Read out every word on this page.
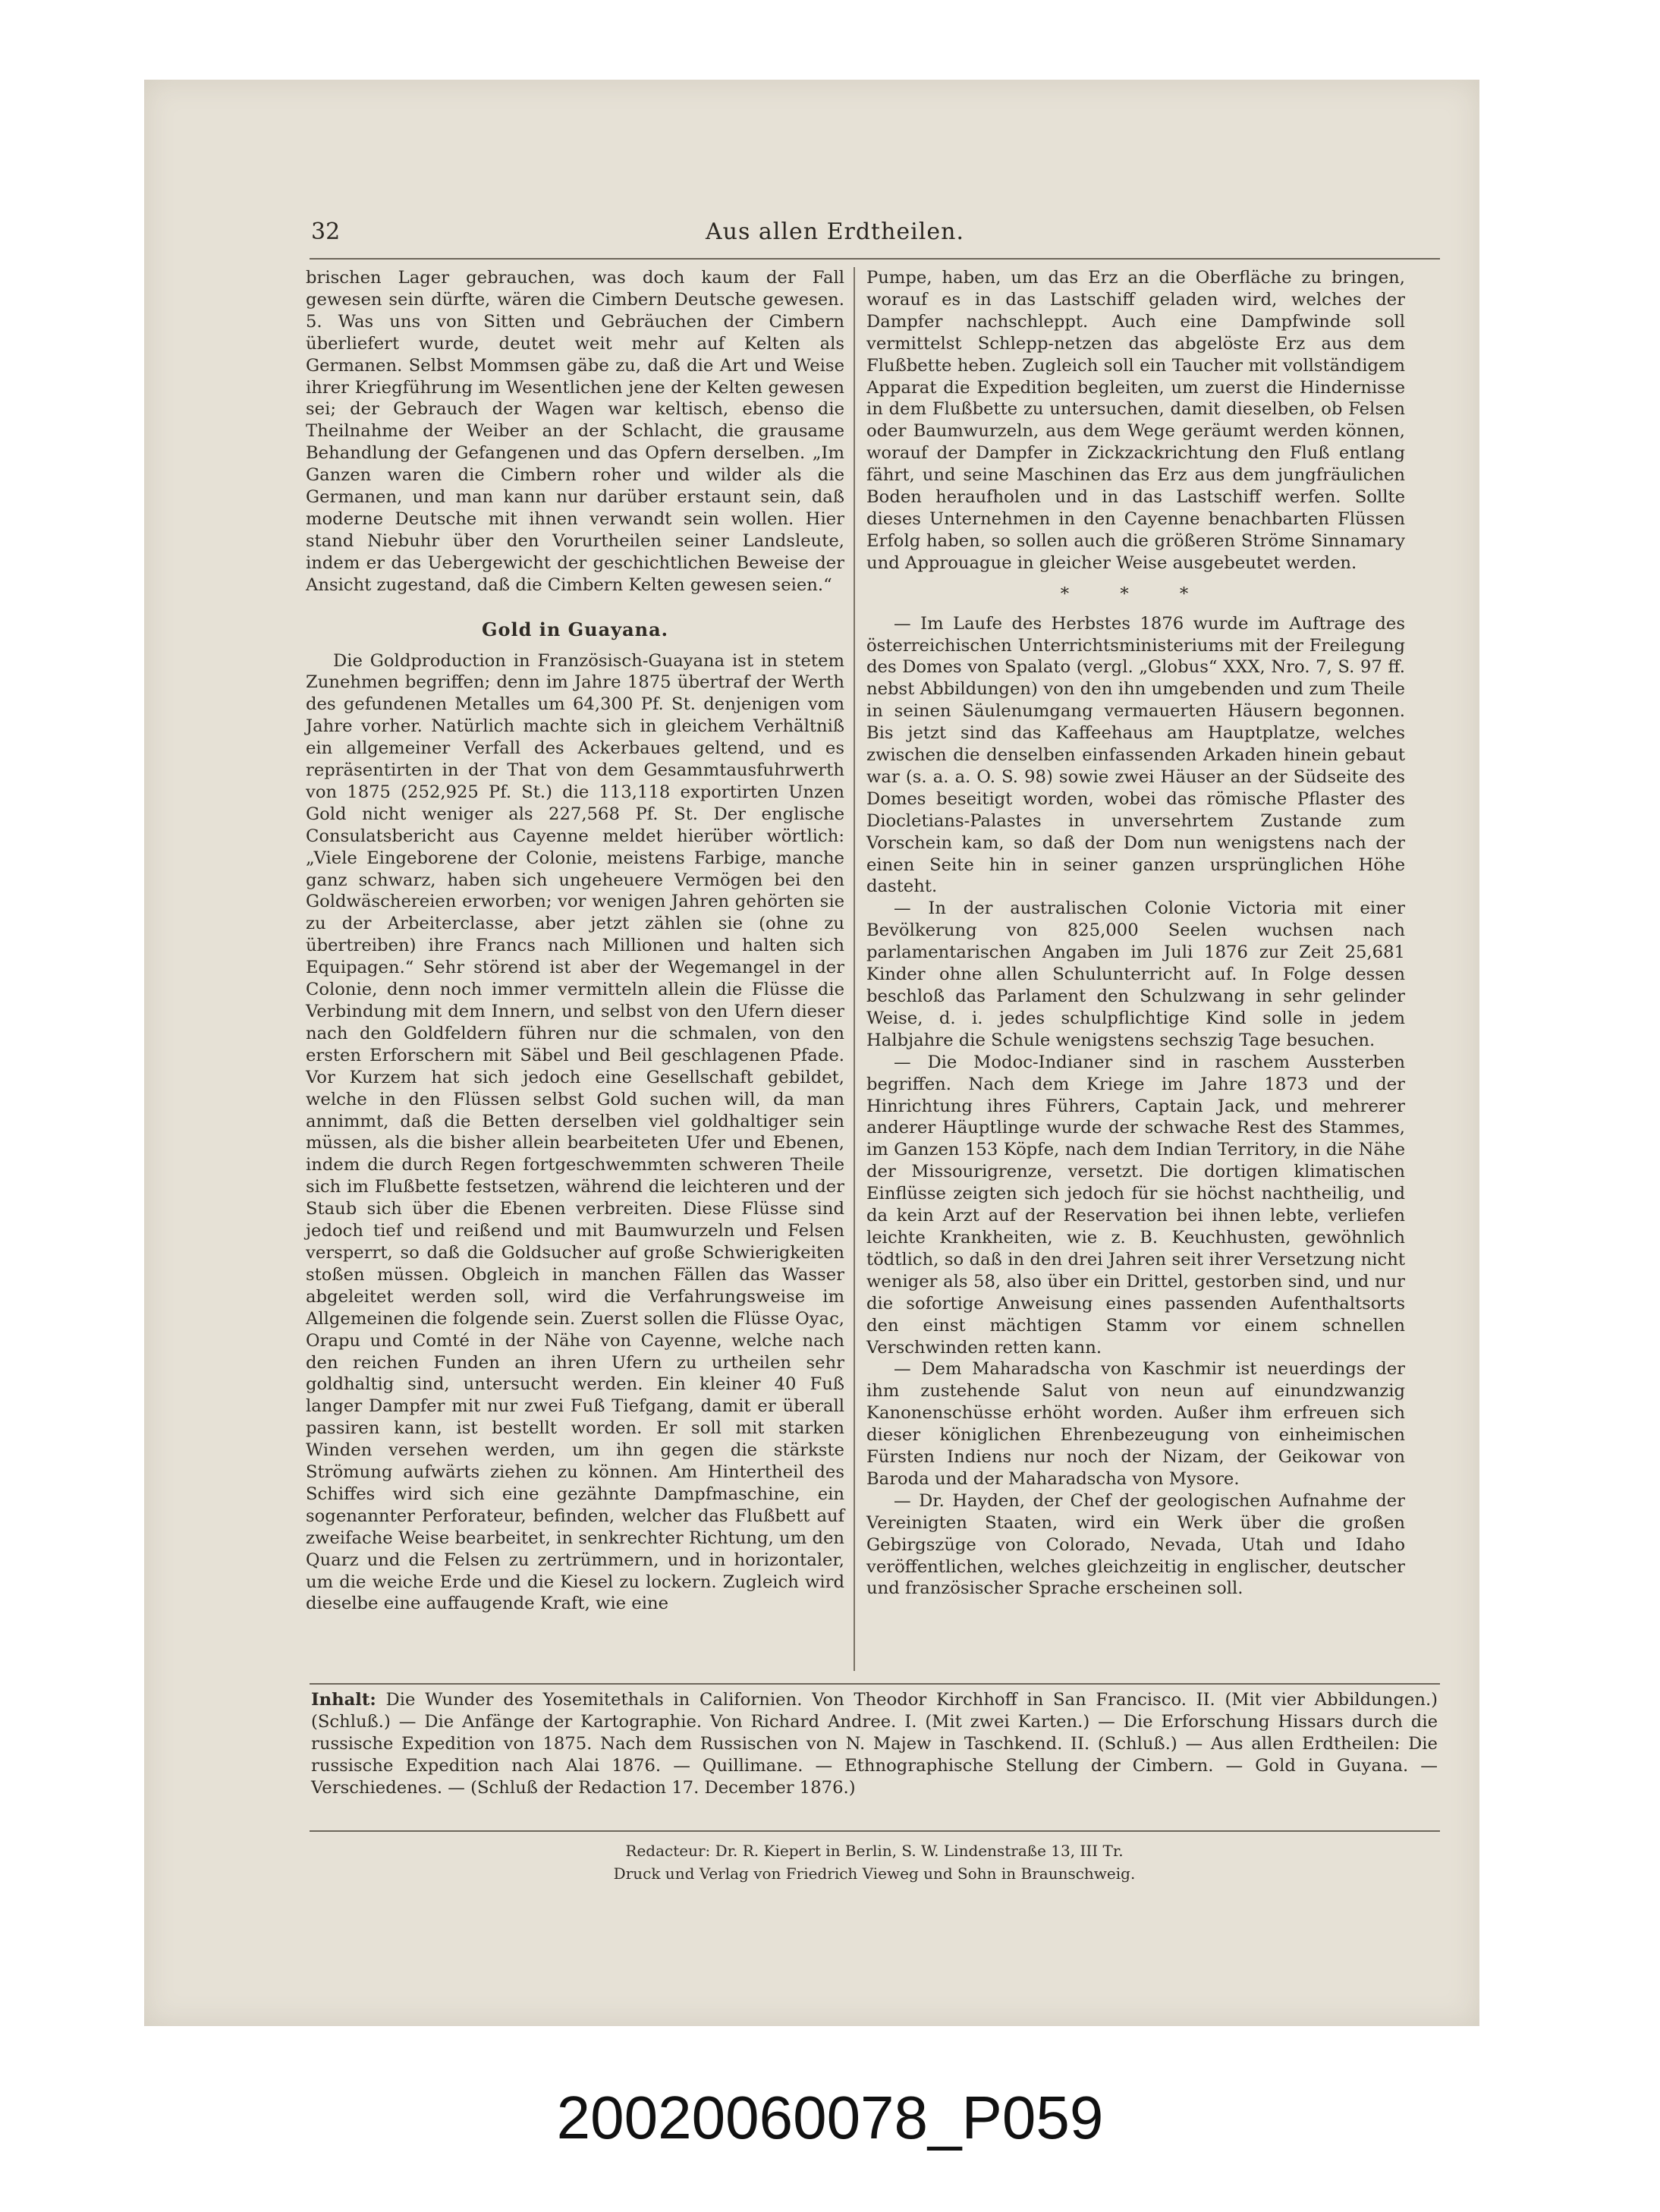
32	Aus allen Erdtheilen.

brischen Lager gebrauchen, was doch kaum der Fall gewesen sein dürfte, wären die Cimbern Deutsche gewesen. 5. Was uns von Sitten und Gebräuchen der Cimbern überliefert wurde, deutet weit mehr auf Kelten als Germanen. Selbst Mommsen gäbe zu, daß die Art und Weise ihrer Kriegführung im Wesentlichen jene der Kelten gewesen sei; der Gebrauch der Wagen war keltisch, ebenso die Theilnahme der Weiber an der Schlacht, die grausame Behandlung der Gefangenen und das Opfern derselben. „Im Ganzen waren die Cimbern roher und wilder als die Germanen, und man kann nur darüber erstaunt sein, daß moderne Deutsche mit ihnen verwandt sein wollen. Hier stand Niebuhr über den Vorurtheilen seiner Landsleute, indem er das Uebergewicht der geschichtlichen Beweise der Ansicht zugestand, daß die Cimbern Kelten gewesen seien.“

Gold in Guayana.

Die Goldproduction in Französisch-Guayana ist in stetem Zunehmen begriffen; denn im Jahre 1875 übertraf der Werth des gefundenen Metalles um 64,300 Pf. St. denjenigen vom Jahre vorher. Natürlich machte sich in gleichem Verhältniß ein allgemeiner Verfall des Ackerbaues geltend, und es repräsentirten in der That von dem Gesammtausfuhrwerth von 1875 (252,925 Pf. St.) die 113,118 exportirten Unzen Gold nicht weniger als 227,568 Pf. St. Der englische Consulatsbericht aus Cayenne meldet hierüber wörtlich: „Viele Eingeborene der Colonie, meistens Farbige, manche ganz schwarz, haben sich ungeheuere Vermögen bei den Goldwäschereien erworben; vor wenigen Jahren gehörten sie zu der Arbeiterclasse, aber jetzt zählen sie (ohne zu übertreiben) ihre Francs nach Millionen und halten sich Equipagen.“ Sehr störend ist aber der Wegemangel in der Colonie, denn noch immer vermitteln allein die Flüsse die Verbindung mit dem Innern, und selbst von den Ufern dieser nach den Goldfeldern führen nur die schmalen, von den ersten Erforschern mit Säbel und Beil geschlagenen Pfade. Vor Kurzem hat sich jedoch eine Gesellschaft gebildet, welche in den Flüssen selbst Gold suchen will, da man annimmt, daß die Betten derselben viel goldhaltiger sein müssen, als die bisher allein bearbeiteten Ufer und Ebenen, indem die durch Regen fortgeschwemmten schweren Theile sich im Flußbette festsetzen, während die leichteren und der Staub sich über die Ebenen verbreiten. Diese Flüsse sind jedoch tief und reißend und mit Baumwurzeln und Felsen versperrt, so daß die Goldsucher auf große Schwierigkeiten stoßen müssen. Obgleich in manchen Fällen das Wasser abgeleitet werden soll, wird die Verfahrungsweise im Allgemeinen die folgende sein. Zuerst sollen die Flüsse Oyac, Orapu und Comté in der Nähe von Cayenne, welche nach den reichen Funden an ihren Ufern zu urtheilen sehr goldhaltig sind, untersucht werden. Ein kleiner 40 Fuß langer Dampfer mit nur zwei Fuß Tiefgang, damit er überall passiren kann, ist bestellt worden. Er soll mit starken Winden versehen werden, um ihn gegen die stärkste Strömung aufwärts ziehen zu können. Am Hintertheil des Schiffes wird sich eine gezähnte Dampfmaschine, ein sogenannter Perforateur, befinden, welcher das Flußbett auf zweifache Weise bearbeitet, in senkrechter Richtung, um den Quarz und die Felsen zu zertrümmern, und in horizontaler, um die weiche Erde und die Kiesel zu lockern. Zugleich wird dieselbe eine auffaugende Kraft, wie eine

Pumpe, haben, um das Erz an die Oberfläche zu bringen, worauf es in das Lastschiff geladen wird, welches der Dampfer nachschleppt. Auch eine Dampfwinde soll vermittelst Schlepp-netzen das abgelöste Erz aus dem Flußbette heben. Zugleich soll ein Taucher mit vollständigem Apparat die Expedition begleiten, um zuerst die Hindernisse in dem Flußbette zu untersuchen, damit dieselben, ob Felsen oder Baumwurzeln, aus dem Wege geräumt werden können, worauf der Dampfer in Zickzackrichtung den Fluß entlang fährt, und seine Maschinen das Erz aus dem jungfräulichen Boden heraufholen und in das Lastschiff werfen. Sollte dieses Unternehmen in den Cayenne benachbarten Flüssen Erfolg haben, so sollen auch die größeren Ströme Sinnamary und Approuague in gleicher Weise ausgebeutet werden.

* * *

— Im Laufe des Herbstes 1876 wurde im Auftrage des österreichischen Unterrichtsministeriums mit der Freilegung des Domes von Spalato (vergl. „Globus“ XXX, Nro. 7, S. 97 ff. nebst Abbildungen) von den ihn umgebenden und zum Theile in seinen Säulenumgang vermauerten Häusern begonnen. Bis jetzt sind das Kaffeehaus am Hauptplatze, welches zwischen die denselben einfassenden Arkaden hinein gebaut war (s. a. a. O. S. 98) sowie zwei Häuser an der Südseite des Domes beseitigt worden, wobei das römische Pflaster des Diocletians-Palastes in unversehrtem Zustande zum Vorschein kam, so daß der Dom nun wenigstens nach der einen Seite hin in seiner ganzen ursprünglichen Höhe dasteht.

— In der australischen Colonie Victoria mit einer Bevölkerung von 825,000 Seelen wuchsen nach parlamentarischen Angaben im Juli 1876 zur Zeit 25,681 Kinder ohne allen Schulunterricht auf. In Folge dessen beschloß das Parlament den Schulzwang in sehr gelinder Weise, d. i. jedes schulpflichtige Kind solle in jedem Halbjahre die Schule wenigstens sechszig Tage besuchen.

— Die Modoc-Indianer sind in raschem Aussterben begriffen. Nach dem Kriege im Jahre 1873 und der Hinrichtung ihres Führers, Captain Jack, und mehrerer anderer Häuptlinge wurde der schwache Rest des Stammes, im Ganzen 153 Köpfe, nach dem Indian Territory, in die Nähe der Missourigrenze, versetzt. Die dortigen klimatischen Einflüsse zeigten sich jedoch für sie höchst nachtheilig, und da kein Arzt auf der Reservation bei ihnen lebte, verliefen leichte Krankheiten, wie z. B. Keuchhusten, gewöhnlich tödtlich, so daß in den drei Jahren seit ihrer Versetzung nicht weniger als 58, also über ein Drittel, gestorben sind, und nur die sofortige Anweisung eines passenden Aufenthaltsorts den einst mächtigen Stamm vor einem schnellen Verschwinden retten kann.

— Dem Maharadscha von Kaschmir ist neuerdings der ihm zustehende Salut von neun auf einundzwanzig Kanonenschüsse erhöht worden. Außer ihm erfreuen sich dieser königlichen Ehrenbezeugung von einheimischen Fürsten Indiens nur noch der Nizam, der Geikowar von Baroda und der Maharadscha von Mysore.

— Dr. Hayden, der Chef der geologischen Aufnahme der Vereinigten Staaten, wird ein Werk über die großen Gebirgszüge von Colorado, Nevada, Utah und Idaho veröffentlichen, welches gleichzeitig in englischer, deutscher und französischer Sprache erscheinen soll.

Inhalt: Die Wunder des Yosemitethals in Californien. Von Theodor Kirchhoff in San Francisco. II. (Mit vier Abbildungen.) (Schluß.) — Die Anfänge der Kartographie. Von Richard Andree. I. (Mit zwei Karten.) — Die Erforschung Hissars durch die russische Expedition von 1875. Nach dem Russischen von N. Majew in Taschkend. II. (Schluß.) — Aus allen Erdtheilen: Die russische Expedition nach Alai 1876. — Quillimane. — Ethnographische Stellung der Cimbern. — Gold in Guyana. — Verschiedenes. — (Schluß der Redaction 17. December 1876.)
Redacteur: Dr. R. Kiepert in Berlin, S. W. Lindenstraße 13, III Tr.
Druck und Verlag von Friedrich Vieweg und Sohn in Braunschweig.
20020060078_P059
